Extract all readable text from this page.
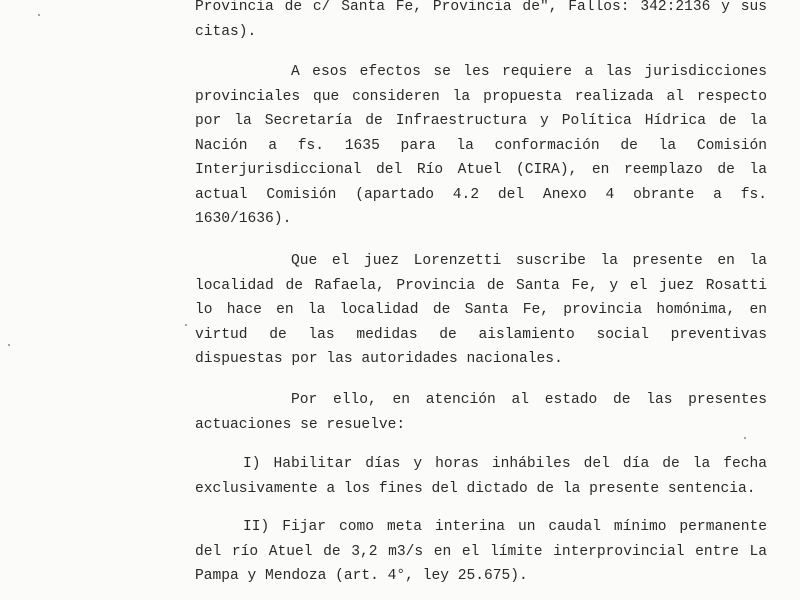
Provincia de c/ Santa Fe, Provincia de", Fallos: 342:2136 y sus
citas).
A esos efectos se les requiere a las jurisdicciones
provinciales que consideren la propuesta realizada al respecto
por la Secretaría de Infraestructura y Política Hídrica de la
Nación a fs. 1635 para la conformación de la Comisión
Interjurisdiccional del Río Atuel (CIRA), en reemplazo de la
actual Comisión (apartado 4.2 del Anexo 4 obrante a fs.
1630/1636).
Que el juez Lorenzetti suscribe la presente en la
localidad de Rafaela, Provincia de Santa Fe, y el juez Rosatti
lo hace en la localidad de Santa Fe, provincia homónima, en
virtud de las medidas de aislamiento social preventivas
dispuestas por las autoridades nacionales.
Por ello, en atención al estado de las presentes
actuaciones se resuelve:
I) Habilitar días y horas inhábiles del día de la fecha
exclusivamente a los fines del dictado de la presente sentencia.
II) Fijar como meta interina un caudal mínimo permanente
del río Atuel de 3,2 m3/s en el límite interprovincial entre La
Pampa y Mendoza (art. 4°, ley 25.675).
